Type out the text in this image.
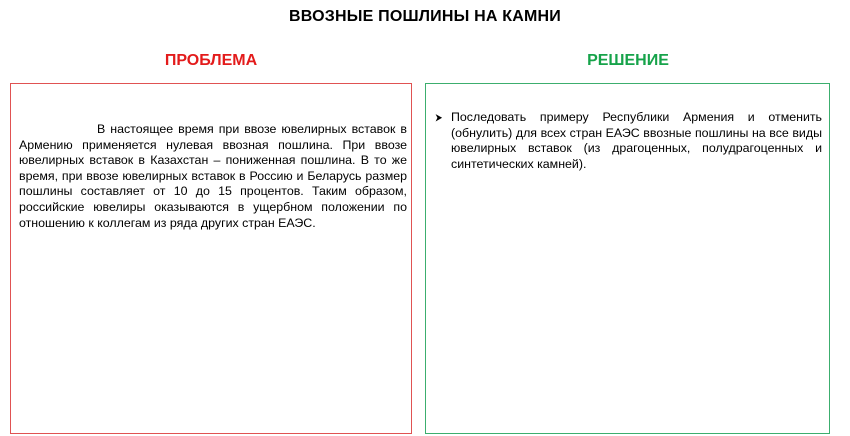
ВВОЗНЫЕ ПОШЛИНЫ НА КАМНИ
ПРОБЛЕМА	РЕШЕНИЕ

В настоящее время при ввозе ювелирных вставок в Армению применяется нулевая ввозная пошлина. При ввозе ювелирных вставок в Казахстан – пониженная пошлина. В то же время, при ввозе ювелирных вставок в Россию и Беларусь размер пошлины составляет от 10 до 15 процентов. Таким образом, российские ювелиры оказываются в ущербном положении по отношению к коллегам из ряда других стран ЕАЭС.

Последовать примеру Республики Армения и отменить (обнулить) для всех стран ЕАЭС ввозные пошлины на все виды ювелирных вставок (из драгоценных, полудрагоценных и синтетических камней).
